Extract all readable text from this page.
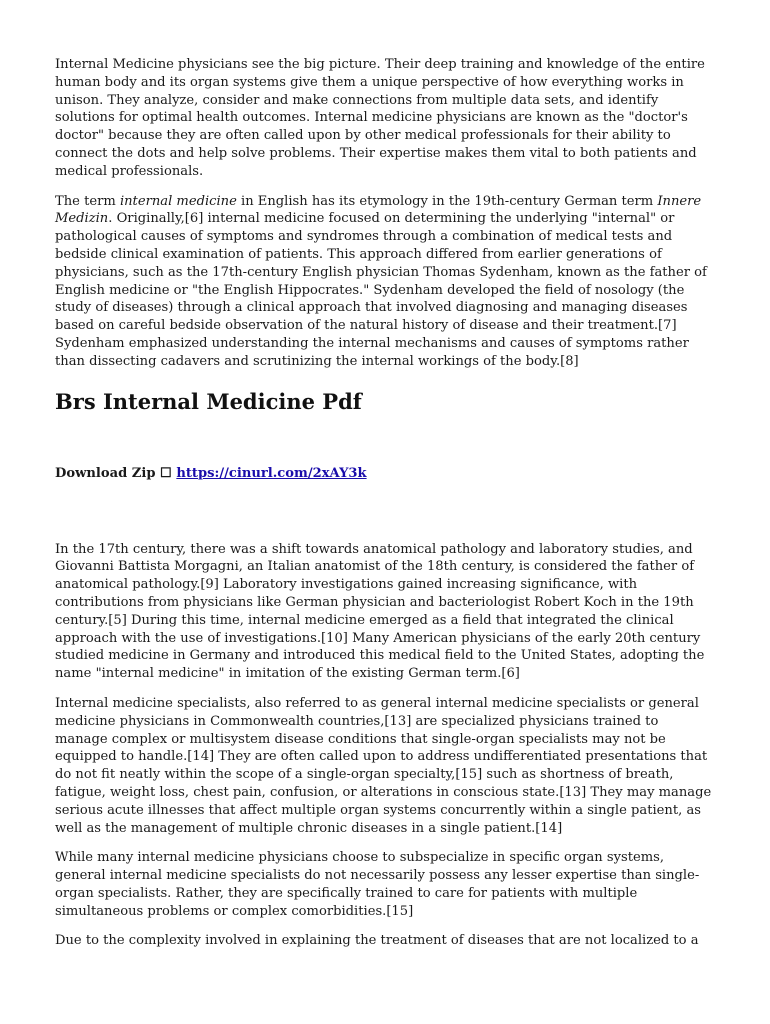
Internal Medicine physicians see the big picture. Their deep training and knowledge of the entire human body and its organ systems give them a unique perspective of how everything works in unison. They analyze, consider and make connections from multiple data sets, and identify solutions for optimal health outcomes. Internal medicine physicians are known as the "doctor's doctor" because they are often called upon by other medical professionals for their ability to connect the dots and help solve problems. Their expertise makes them vital to both patients and medical professionals.

The term internal medicine in English has its etymology in the 19th-century German term Innere Medizin. Originally,[6] internal medicine focused on determining the underlying "internal" or pathological causes of symptoms and syndromes through a combination of medical tests and bedside clinical examination of patients. This approach differed from earlier generations of physicians, such as the 17th-century English physician Thomas Sydenham, known as the father of English medicine or "the English Hippocrates." Sydenham developed the field of nosology (the study of diseases) through a clinical approach that involved diagnosing and managing diseases based on careful bedside observation of the natural history of disease and their treatment.[7] Sydenham emphasized understanding the internal mechanisms and causes of symptoms rather than dissecting cadavers and scrutinizing the internal workings of the body.[8]

Brs Internal Medicine Pdf
Download Zip ☐ https://cinurl.com/2xAY3k

In the 17th century, there was a shift towards anatomical pathology and laboratory studies, and Giovanni Battista Morgagni, an Italian anatomist of the 18th century, is considered the father of anatomical pathology.[9] Laboratory investigations gained increasing significance, with contributions from physicians like German physician and bacteriologist Robert Koch in the 19th century.[5] During this time, internal medicine emerged as a field that integrated the clinical approach with the use of investigations.[10] Many American physicians of the early 20th century studied medicine in Germany and introduced this medical field to the United States, adopting the name "internal medicine" in imitation of the existing German term.[6]

Internal medicine specialists, also referred to as general internal medicine specialists or general medicine physicians in Commonwealth countries,[13] are specialized physicians trained to manage complex or multisystem disease conditions that single-organ specialists may not be equipped to handle.[14] They are often called upon to address undifferentiated presentations that do not fit neatly within the scope of a single-organ specialty,[15] such as shortness of breath, fatigue, weight loss, chest pain, confusion, or alterations in conscious state.[13] They may manage serious acute illnesses that affect multiple organ systems concurrently within a single patient, as well as the management of multiple chronic diseases in a single patient.[14]

While many internal medicine physicians choose to subspecialize in specific organ systems, general internal medicine specialists do not necessarily possess any lesser expertise than single-organ specialists. Rather, they are specifically trained to care for patients with multiple simultaneous problems or complex comorbidities.[15]

Due to the complexity involved in explaining the treatment of diseases that are not localized to a
